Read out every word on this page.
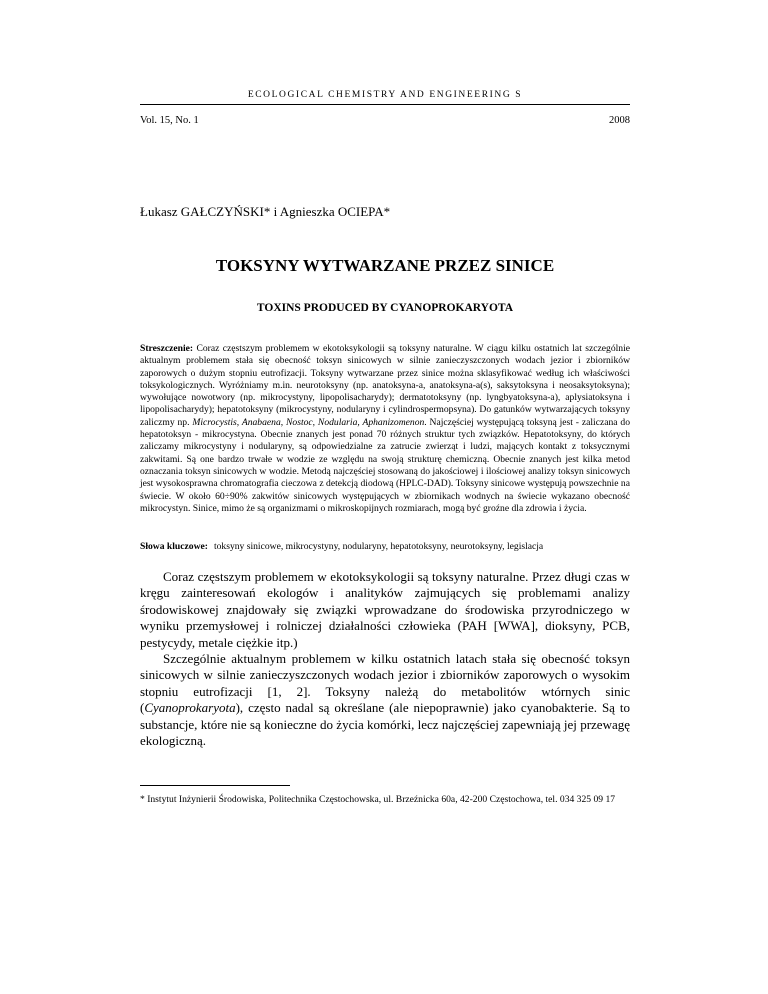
ECOLOGICAL CHEMISTRY AND ENGINEERING S
Vol. 15, No. 1	2008
Łukasz GAŁCZYŃSKI* i Agnieszka OCIEPA*
TOKSYNY WYTWARZANE PRZEZ SINICE
TOXINS PRODUCED BY CYANOPROKARYOTA
Streszczenie: Coraz częstszym problemem w ekotoksykologii są toksyny naturalne. W ciągu kilku ostatnich lat szczególnie aktualnym problemem stała się obecność toksyn sinicowych w silnie zanieczyszczonych wodach jezior i zbiorników zaporowych o dużym stopniu eutrofizacji. Toksyny wytwarzane przez sinice można sklasyfikować według ich właściwości toksykologicznych. Wyróżniamy m.in. neurotoksyny (np. anatoksyna-a, anatoksyna-a(s), saksytoksyna i neosaksytoksyna); wywołujące nowotwory (np. mikrocystyny, lipopolisacharydy); dermatotoksyny (np. lyngbyatoksyna-a), aplysiatoksyna i lipopolisacharydy); hepatotoksyny (mikrocystyny, nodularyny i cylindrospermopsyna). Do gatunków wytwarzających toksyny zaliczmy np. Microcystis, Anabaena, Nostoc, Nodularia, Aphanizomenon. Najczęściej występującą toksyną jest - zaliczana do hepatotoksyn - mikrocystyna. Obecnie znanych jest ponad 70 różnych struktur tych związków. Hepatotoksyny, do których zaliczamy mikrocystyny i nodularyny, są odpowiedzialne za zatrucie zwierząt i ludzi, mających kontakt z toksycznymi zakwitami. Są one bardzo trwałe w wodzie ze względu na swoją strukturę chemiczną. Obecnie znanych jest kilka metod oznaczania toksyn sinicowych w wodzie. Metodą najczęściej stosowaną do jakościowej i ilościowej analizy toksyn sinicowych jest wysokosprawna chromatografia cieczowa z detekcją diodową (HPLC-DAD). Toksyny sinicowe występują powszechnie na świecie. W około 60÷90% zakwitów sinicowych występujących w zbiornikach wodnych na świecie wykazano obecność mikrocystyn. Sinice, mimo że są organizmami o mikroskopijnych rozmiarach, mogą być groźne dla zdrowia i życia.
Słowa kluczowe: toksyny sinicowe, mikrocystyny, nodularyny, hepatotoksyny, neurotoksyny, legislacja

Coraz częstszym problemem w ekotoksykologii są toksyny naturalne. Przez długi czas w kręgu zainteresowań ekologów i analityków zajmujących się problemami analizy środowiskowej znajdowały się związki wprowadzane do środowiska przyrodniczego w wyniku przemysłowej i rolniczej działalności człowieka (PAH [WWA], dioksyny, PCB, pestycydy, metale ciężkie itp.)

Szczególnie aktualnym problemem w kilku ostatnich latach stała się obecność toksyn sinicowych w silnie zanieczyszczonych wodach jezior i zbiorników zaporowych o wysokim stopniu eutrofizacji [1, 2]. Toksyny należą do metabolitów wtórnych sinic (Cyanoprokaryota), często nadal są określane (ale niepoprawnie) jako cyanobakterie. Są to substancje, które nie są konieczne do życia komórki, lecz najczęściej zapewniają jej przewagę ekologiczną.

* Instytut Inżynierii Środowiska, Politechnika Częstochowska, ul. Brzeźnicka 60a, 42-200 Częstochowa, tel. 034 325 09 17
